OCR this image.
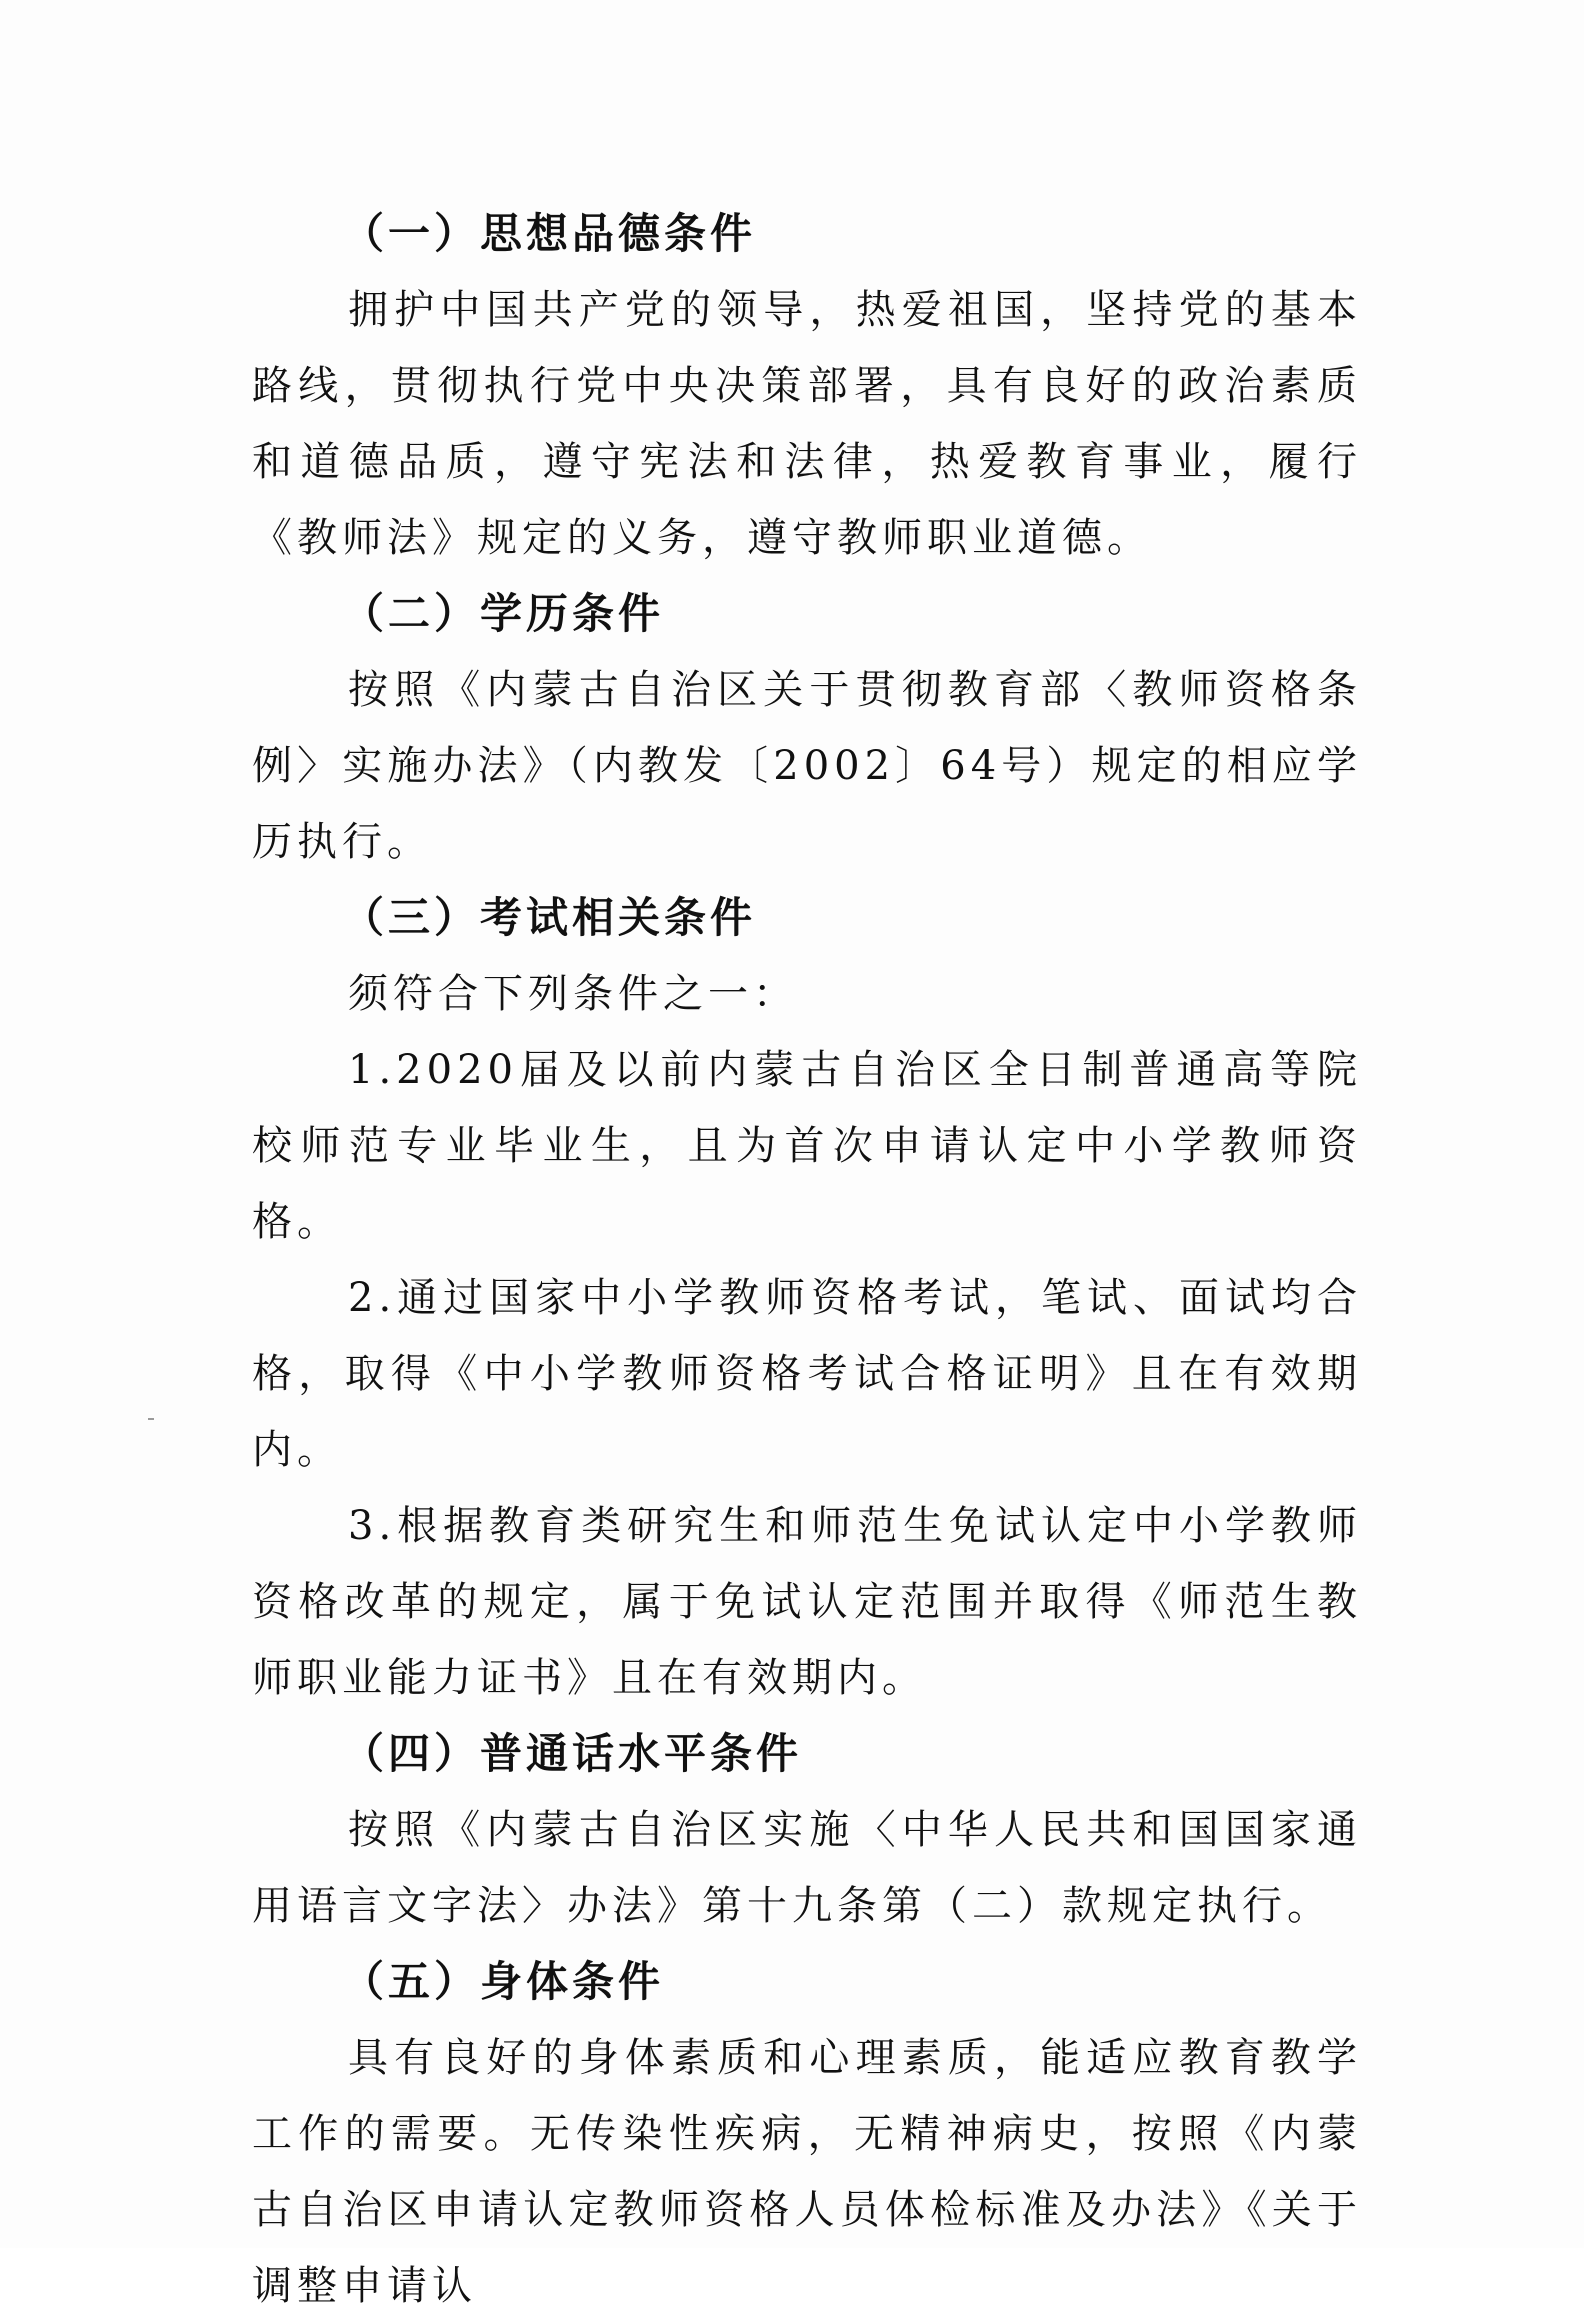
（一）思想品德条件

拥护中国共产党的领导，热爱祖国，坚持党的基本路线，贯彻执行党中央决策部署，具有良好的政治素质和道德品质，遵守宪法和法律，热爱教育事业，履行《教师法》规定的义务，遵守教师职业道德。

（二）学历条件

按照《内蒙古自治区关于贯彻教育部〈教师资格条例〉实施办法》（内教发〔2002〕64号）规定的相应学历执行。

（三）考试相关条件

须符合下列条件之一：

1.2020届及以前内蒙古自治区全日制普通高等院校师范专业毕业生，且为首次申请认定中小学教师资格。

2.通过国家中小学教师资格考试，笔试、面试均合格，取得《中小学教师资格考试合格证明》且在有效期内。

3.根据教育类研究生和师范生免试认定中小学教师资格改革的规定，属于免试认定范围并取得《师范生教师职业能力证书》且在有效期内。

（四）普通话水平条件

按照《内蒙古自治区实施〈中华人民共和国国家通用语言文字法〉办法》第十九条第（二）款规定执行。

（五）身体条件

具有良好的身体素质和心理素质，能适应教育教学工作的需要。无传染性疾病，无精神病史，按照《内蒙古自治区申请认定教师资格人员体检标准及办法》《关于调整申请认
